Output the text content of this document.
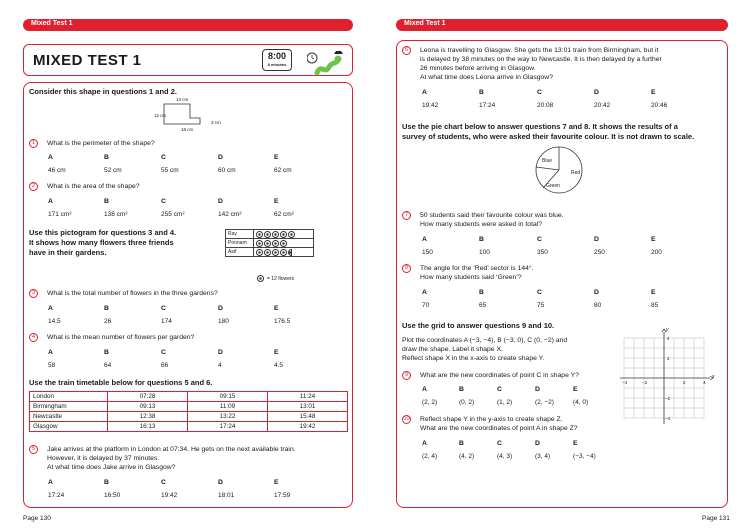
Mixed Test 1
MIXED TEST 1	8:00
8 minutes
Consider this shape in questions 1 and 2.
13 cm
12 cm
3 cm
18 cm
1	What is the perimeter of the shape?
A	B	C	D	E
46 cm	52 cm	55 cm	60 cm	62 cm
2	What is the area of the shape?
A	B	C	D	E
171 cm²	138 cm²	255 cm²	142 cm²	62 cm²
Use this pictogram for questions 3 and 4.
It shows how many flowers three friends
have in their gardens.
Ray	
Poonam	
Asif	
= 12 flowers
3	What is the total number of flowers in the three gardens?
A	B	C	D	E
14.5	26	174	180	176.5
4	What is the mean number of flowers per garden?
A	B	C	D	E
58	64	66	4	4.5
Use the train timetable below for questions 5 and 6.
London	07:28	09:15	11:24
Birmingham	09:13	11:09	13:01
Newcastle	12:38	13:22	15:48
Glasgow	16:13	17:24	19:42
5	Jake arrives at the platform in London at 07:34. He gets on the next available train.
However, it is delayed by 37 minutes.
At what time does Jake arrive in Glasgow?
A	B	C	D	E
17:24	16:50	19:42	18:01	17:59
Page 130
Mixed Test 1
6	Leona is travelling to Glasgow. She gets the 13:01 train from Birmingham, but it
is delayed by 38 minutes on the way to Newcastle. It is then delayed by a further
26 minutes before arriving in Glasgow.
At what time does Leona arrive in Glasgow?
A	B	C	D	E
19:42	17:24	20:08	20:42	20:46
Use the pie chart below to answer questions 7 and 8. It shows the results of a
survey of students, who were asked their favourite colour. It is not drawn to scale.
Blue
Red
Green
7	50 students said their favourite colour was blue.
How many students were asked in total?
A	B	C	D	E
150	100	350	250	200
8	The angle for the ‘Red’ sector is 144°.
How many students said ‘Green’?
A	B	C	D	E
70	65	75	80	85
Use the grid to answer questions 9 and 10.
Plot the coordinates A (−3, −4), B (−3, 0), C (0, −2) and
draw the shape. Label it shape X.
Reflect shape X in the x-axis to create shape Y.
x
y
−4	−2	2	4
4
2
−2
−4
9	What are the new coordinates of point C in shape Y?
A	B	C	D	E
(2, 2)	(0, 2)	(1, 2)	(2, −2)	(4, 0)
10 Reflect shape Y in the y-axis to create shape Z.
What are the new coordinates of point A in shape Z?
A	B	C	D	E
(2, 4)	(4, 2)	(4, 3)	(3, 4)	(−3, −4)
Page 131
